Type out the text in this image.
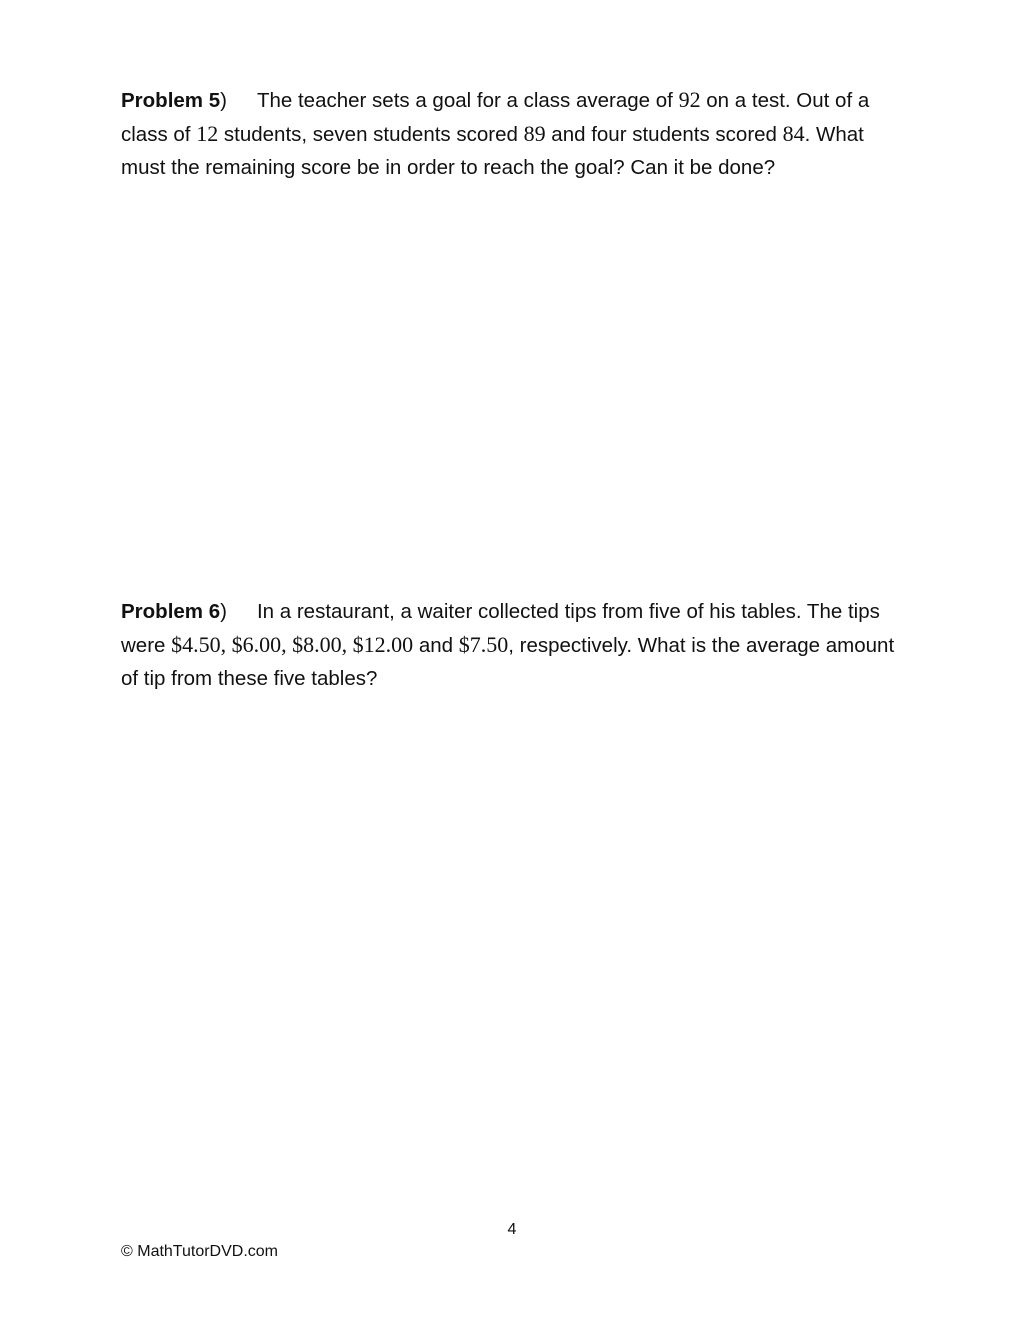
Problem 5) The teacher sets a goal for a class average of 92 on a test. Out of a class of 12 students, seven students scored 89 and four students scored 84. What must the remaining score be in order to reach the goal? Can it be done?

Problem 6) In a restaurant, a waiter collected tips from five of his tables. The tips were $4.50, $6.00, $8.00, $12.00 and $7.50, respectively. What is the average amount of tip from these five tables?

4

© MathTutorDVD.com
